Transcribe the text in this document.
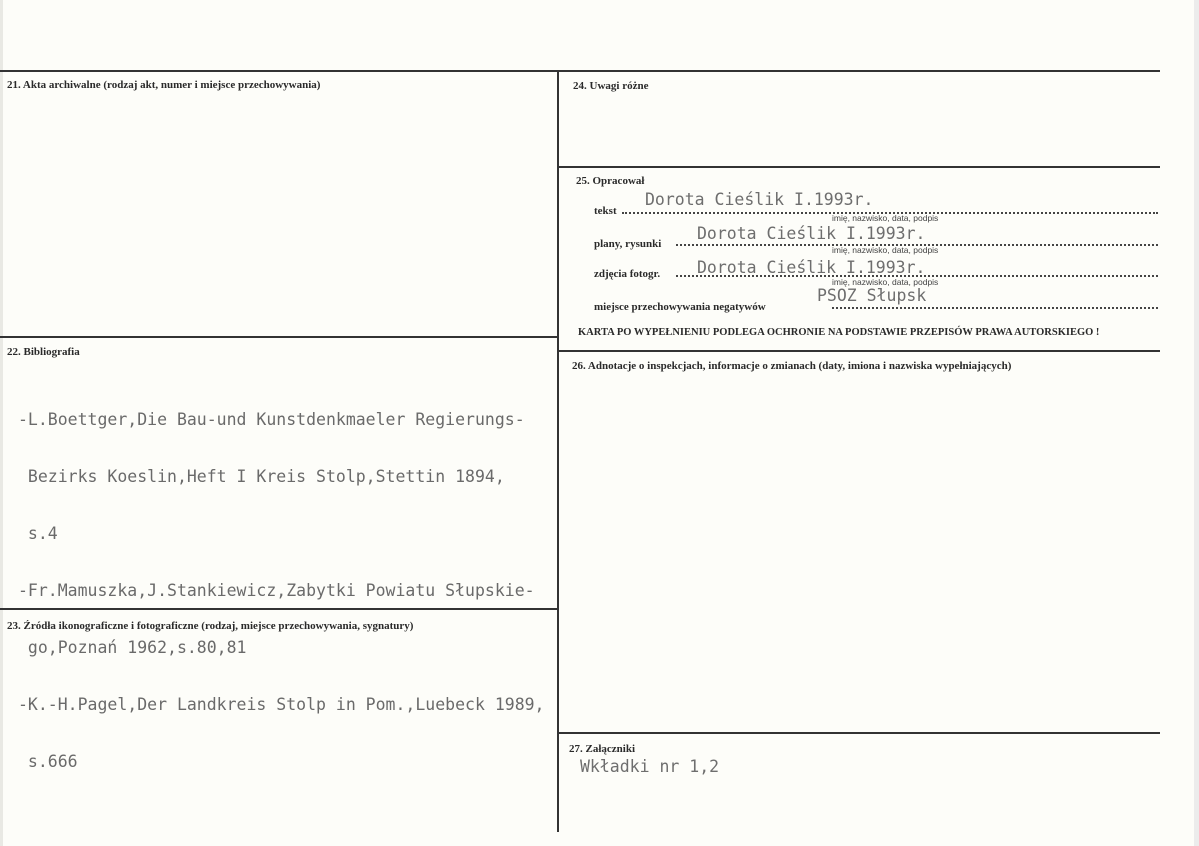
21. Akta archiwalne (rodzaj akt, numer i miejsce przechowywania)
22. Bibliografia

-L.Boettger,Die Bau-und Kunstdenkmaeler Regierungs-

Bezirks Koeslin,Heft I Kreis Stolp,Stettin 1894,

s.4

-Fr.Mamuszka,J.Stankiewicz,Zabytki Powiatu Słupskie-

go,Poznań 1962,s.80,81

-K.-H.Pagel,Der Landkreis Stolp in Pom.,Luebeck 1989,

s.666

23. Źródła ikonograficzne i fotograficzne (rodzaj, miejsce przechowywania, sygnatury)
24. Uwagi różne
25. Opracował
tekst
Dorota Cieślik I.1993r.
imię, nazwisko, data, podpis
plany, rysunki
Dorota Cieślik I.1993r.
imię, nazwisko, data, podpis
zdjęcia fotogr. Dorota Cieślik I.1993r.
imię, nazwisko, data, podpis
miejsce przechowywania negatywów
PSOZ Słupsk
KARTA PO WYPEŁNIENIU PODLEGA OCHRONIE NA PODSTAWIE PRZEPISÓW PRAWA AUTORSKIEGO !
26. Adnotacje o inspekcjach, informacje o zmianach (daty, imiona i nazwiska wypełniających)
27. Załączniki
Wkładki nr 1,2
